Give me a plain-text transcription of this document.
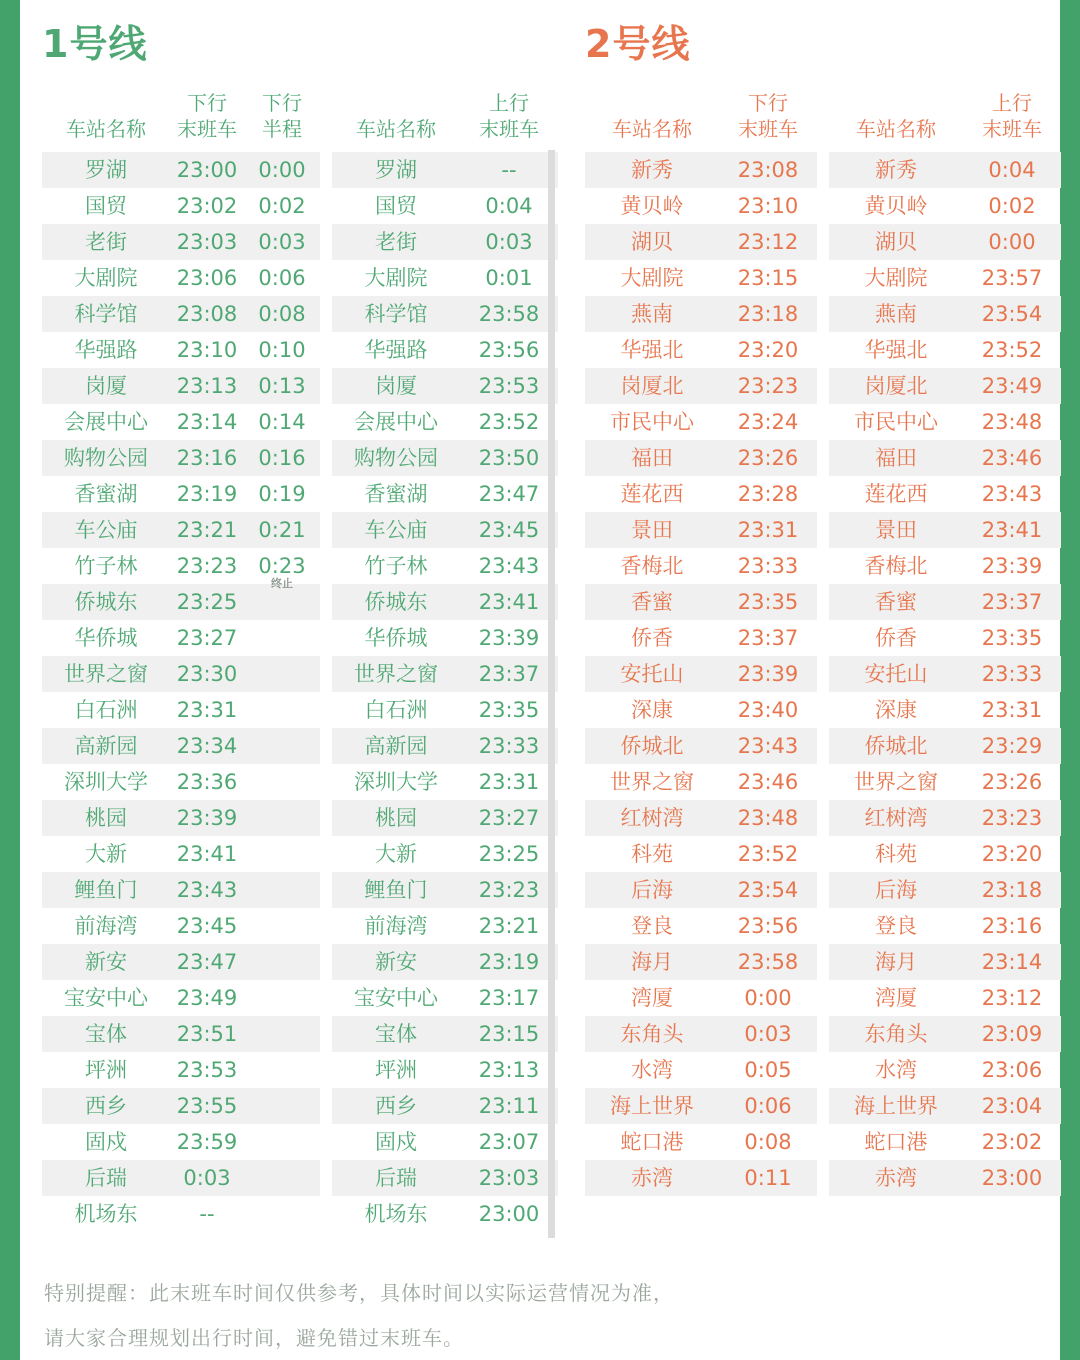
1号线
车站名称
下行
末班车
下行
半程
罗湖	23:00	0:00
国贸	23:02	0:02
老街	23:03	0:03
大剧院	23:06	0:06
科学馆	23:08	0:08
华强路	23:10	0:10
岗厦	23:13	0:13
会展中心	23:14	0:14
购物公园	23:16	0:16
香蜜湖	23:19	0:19
车公庙	23:21	0:21
竹子林	23:23	0:23
终止
侨城东	23:25
华侨城	23:27
世界之窗	23:30
白石洲	23:31
高新园	23:34
深圳大学	23:36
桃园	23:39
大新	23:41
鲤鱼门	23:43
前海湾	23:45
新安	23:47
宝安中心	23:49
宝体	23:51
坪洲	23:53
西乡	23:55
固戍	23:59
后瑞	0:03
机场东	--
车站名称
上行
末班车
罗湖	--
国贸	0:04
老街	0:03
大剧院	0:01
科学馆	23:58
华强路	23:56
岗厦	23:53
会展中心	23:52
购物公园	23:50
香蜜湖	23:47
车公庙	23:45
竹子林	23:43
侨城东	23:41
华侨城	23:39
世界之窗	23:37
白石洲	23:35
高新园	23:33
深圳大学	23:31
桃园	23:27
大新	23:25
鲤鱼门	23:23
前海湾	23:21
新安	23:19
宝安中心	23:17
宝体	23:15
坪洲	23:13
西乡	23:11
固戍	23:07
后瑞	23:03
机场东	23:00
2号线
车站名称
下行
末班车
新秀	23:08
黄贝岭	23:10
湖贝	23:12
大剧院	23:15
燕南	23:18
华强北	23:20
岗厦北	23:23
市民中心	23:24
福田	23:26
莲花西	23:28
景田	23:31
香梅北	23:33
香蜜	23:35
侨香	23:37
安托山	23:39
深康	23:40
侨城北	23:43
世界之窗	23:46
红树湾	23:48
科苑	23:52
后海	23:54
登良	23:56
海月	23:58
湾厦	0:00
东角头	0:03
水湾	0:05
海上世界	0:06
蛇口港	0:08
赤湾	0:11
车站名称
上行
末班车
新秀	0:04
黄贝岭	0:02
湖贝	0:00
大剧院	23:57
燕南	23:54
华强北	23:52
岗厦北	23:49
市民中心	23:48
福田	23:46
莲花西	23:43
景田	23:41
香梅北	23:39
香蜜	23:37
侨香	23:35
安托山	23:33
深康	23:31
侨城北	23:29
世界之窗	23:26
红树湾	23:23
科苑	23:20
后海	23:18
登良	23:16
海月	23:14
湾厦	23:12
东角头	23:09
水湾	23:06
海上世界	23:04
蛇口港	23:02
赤湾	23:00

特别提醒：此末班车时间仅供参考，具体时间以实际运营情况为准，

请大家合理规划出行时间，避免错过末班车。
